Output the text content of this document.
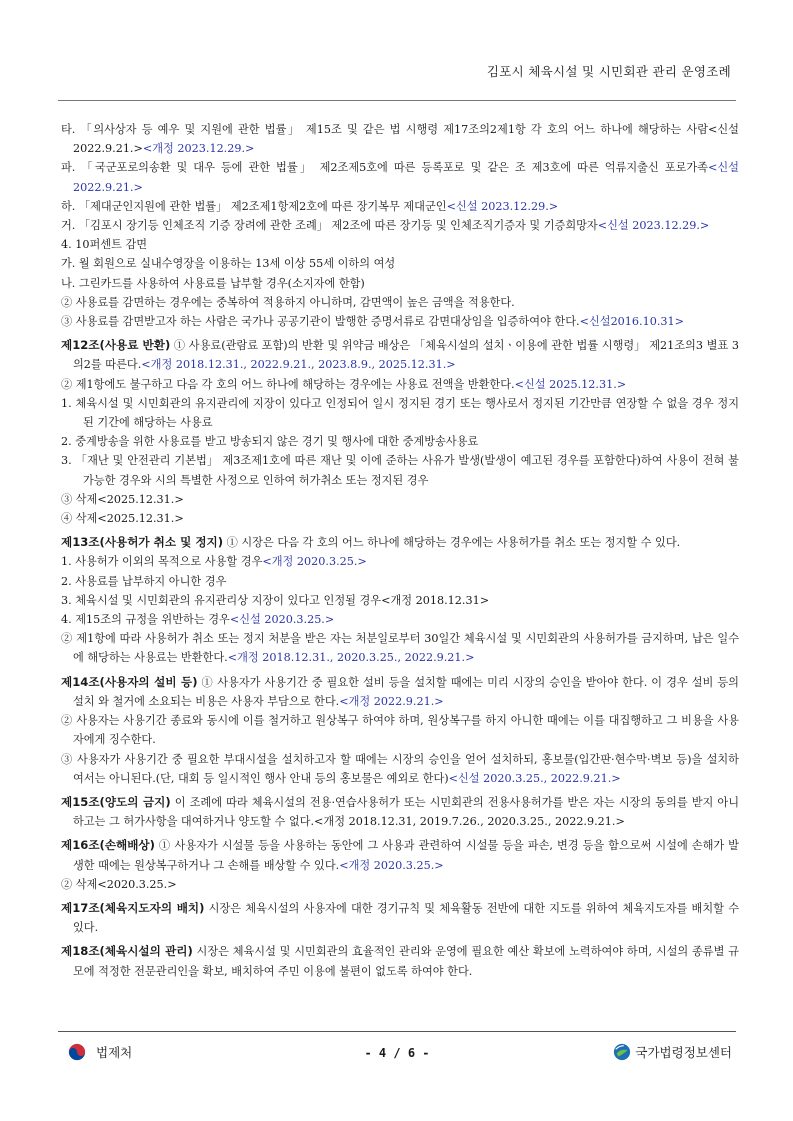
김포시 체육시설 및 시민회관 관리 운영조례
타. 「의사상자 등 예우 및 지원에 관한 법률」 제15조 및 같은 법 시행령 제17조의2제1항 각 호의 어느 하나에 해당하는 사람<신설 2022.9.21.><개정 2023.12.29.>
파. 「국군포로의송환 및 대우 등에 관한 법률」 제2조제5호에 따른 등록포로 및 같은 조 제3호에 따른 억류지출신 포로가족<신설 2022.9.21.>
하. 「제대군인지원에 관한 법률」 제2조제1항제2호에 따른 장기복무 제대군인<신설 2023.12.29.>
거. 「김포시 장기등 인체조직 기증 장려에 관한 조례」 제2조에 따른 장기등 및 인체조직기증자 및 기증희망자<신설 2023.12.29.>
4. 10퍼센트 감면
가. 월 회원으로 실내수영장을 이용하는 13세 이상 55세 이하의 여성
나. 그린카드를 사용하여 사용료를 납부할 경우(소지자에 한함)
② 사용료를 감면하는 경우에는 중복하여 적용하지 아니하며, 감면액이 높은 금액을 적용한다.
③ 사용료를 감면받고자 하는 사람은 국가나 공공기관이 발행한 증명서류로 감면대상임을 입증하여야 한다.<신설2016.10.31>
제12조(사용료 반환) ① 사용료(관람료 포함)의 반환 및 위약금 배상은 「체육시설의 설치ㆍ이용에 관한 법률 시행령」 제21조의3 별표 3의2를 따른다.<개정 2018.12.31., 2022.9.21., 2023.8.9., 2025.12.31.>
② 제1항에도 불구하고 다음 각 호의 어느 하나에 해당하는 경우에는 사용료 전액을 반환한다.<신설 2025.12.31.>
1. 체육시설 및 시민회관의 유지관리에 지장이 있다고 인정되어 일시 정지된 경기 또는 행사로서 정지된 기간만큼 연장할 수 없을 경우 정지된 기간에 해당하는 사용료
2. 중계방송을 위한 사용료를 받고 방송되지 않은 경기 및 행사에 대한 중계방송사용료
3. 「재난 및 안전관리 기본법」 제3조제1호에 따른 재난 및 이에 준하는 사유가 발생(발생이 예고된 경우를 포함한다)하여 사용이 전혀 불가능한 경우와 시의 특별한 사정으로 인하여 허가취소 또는 정지된 경우
③ 삭제<2025.12.31.>
④ 삭제<2025.12.31.>
제13조(사용허가 취소 및 정지) ① 시장은 다음 각 호의 어느 하나에 해당하는 경우에는 사용허가를 취소 또는 정지할 수 있다.
1. 사용허가 이외의 목적으로 사용할 경우<개정 2020.3.25.>
2. 사용료를 납부하지 아니한 경우
3. 체육시설 및 시민회관의 유지관리상 지장이 있다고 인정될 경우<개정 2018.12.31>
4. 제15조의 규정을 위반하는 경우<신설 2020.3.25.>
② 제1항에 따라 사용허가 취소 또는 정지 처분을 받은 자는 처분일로부터 30일간 체육시설 및 시민회관의 사용허가를 금지하며, 납은 일수에 해당하는 사용료는 반환한다.<개정 2018.12.31., 2020.3.25., 2022.9.21.>
제14조(사용자의 설비 등) ① 사용자가 사용기간 중 필요한 설비 등을 설치할 때에는 미리 시장의 승인을 받아야 한다. 이 경우 설비 등의 설치 와 철거에 소요되는 비용은 사용자 부담으로 한다.<개정 2022.9.21.>
② 사용자는 사용기간 종료와 동시에 이를 철거하고 원상복구 하여야 하며, 원상복구를 하지 아니한 때에는 이를 대집행하고 그 비용을 사용자에게 징수한다.
③ 사용자가 사용기간 중 필요한 부대시설을 설치하고자 할 때에는 시장의 승인을 얻어 설치하되, 홍보물(입간판·현수막·벽보 등)을 설치하여서는 아니된다.(단, 대회 등 일시적인 행사 안내 등의 홍보물은 예외로 한다)<신설 2020.3.25., 2022.9.21.>
제15조(양도의 금지) 이 조례에 따라 체육시설의 전용·연습사용허가 또는 시민회관의 전용사용허가를 받은 자는 시장의 동의를 받지 아니하고는 그 허가사항을 대여하거나 양도할 수 없다.<개정 2018.12.31, 2019.7.26., 2020.3.25., 2022.9.21.>
제16조(손해배상) ① 사용자가 시설물 등을 사용하는 동안에 그 사용과 관련하여 시설물 등을 파손, 변경 등을 함으로써 시설에 손해가 발생한 때에는 원상복구하거나 그 손해를 배상할 수 있다.<개정 2020.3.25.>
② 삭제<2020.3.25.>
제17조(체육지도자의 배치) 시장은 체육시설의 사용자에 대한 경기규칙 및 체육활동 전반에 대한 지도를 위하여 체육지도자를 배치할 수 있다.
제18조(체육시설의 관리) 시장은 체육시설 및 시민회관의 효율적인 관리와 운영에 필요한 예산 확보에 노력하여야 하며, 시설의 종류별 규모에 적정한 전문관리인을 확보, 배치하여 주민 이용에 불편이 없도록 하여야 한다.
법제처	- 4 / 6 -	국가법령정보센터
